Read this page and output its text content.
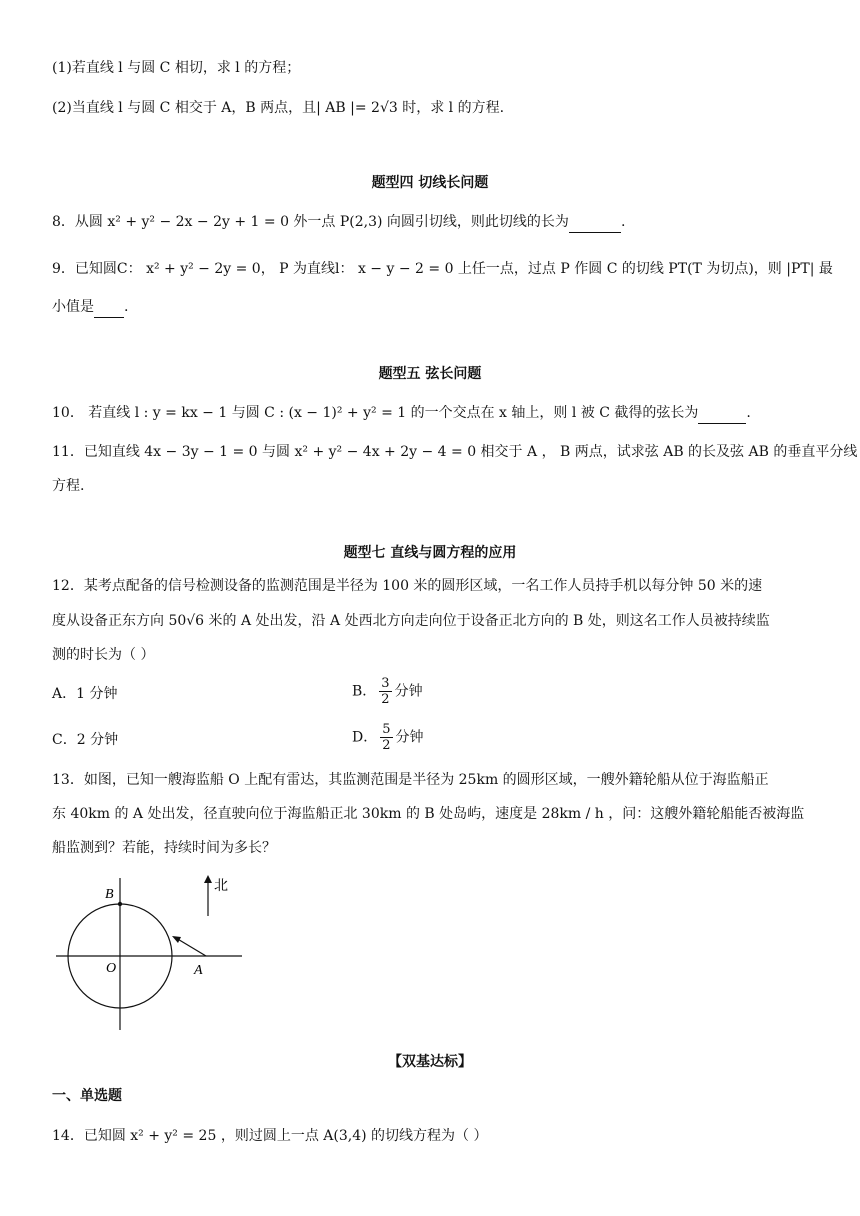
(1)若直线 l 与圆 C 相切，求 l 的方程；
(2)当直线 l 与圆 C 相交于 A，B 两点，且| AB |= 2√3 时，求 l 的方程.
题型四 切线长问题
8．从圆 x² + y² − 2x − 2y + 1 = 0 外一点 P(2,3) 向圆引切线，则此切线的长为	.
9．已知圆C： x² + y² − 2y = 0， P 为直线l： x − y − 2 = 0 上任一点，过点 P 作圆 C 的切线 PT(T 为切点)，则 |PT| 最
小值是 .
题型五 弦长问题
10． 若直线 l : y = kx − 1 与圆 C : (x − 1)² + y² = 1 的一个交点在 x 轴上，则 l 被 C 截得的弦长为	.
11．已知直线 4x − 3y − 1 = 0 与圆 x² + y² − 4x + 2y − 4 = 0 相交于 A ， B 两点，试求弦 AB 的长及弦 AB 的垂直平分线
方程.
题型七 直线与圆方程的应用
12．某考点配备的信号检测设备的监测范围是半径为 100 米的圆形区域，一名工作人员持手机以每分钟 50 米的速
度从设备正东方向 50√6 米的 A 处出发，沿 A 处西北方向走向位于设备正北方向的 B 处，则这名工作人员被持续监
测的时长为（ ）
A．1 分钟	B． $\frac{3}{2}$ 分钟
C．2 分钟	D． $\frac{5}{2}$ 分钟
13．如图，已知一艘海监船 O 上配有雷达，其监测范围是半径为 25km 的圆形区域，一艘外籍轮船从位于海监船正
东 40km 的 A 处出发，径直驶向位于海监船正北 30km 的 B 处岛屿，速度是 28km / h ，问：这艘外籍轮船能否被海监
船监测到？若能，持续时间为多长？
B
O	A
北
【双基达标】
一、单选题
14．已知圆 x² + y² = 25 ，则过圆上一点 A(3,4) 的切线方程为（ ）
